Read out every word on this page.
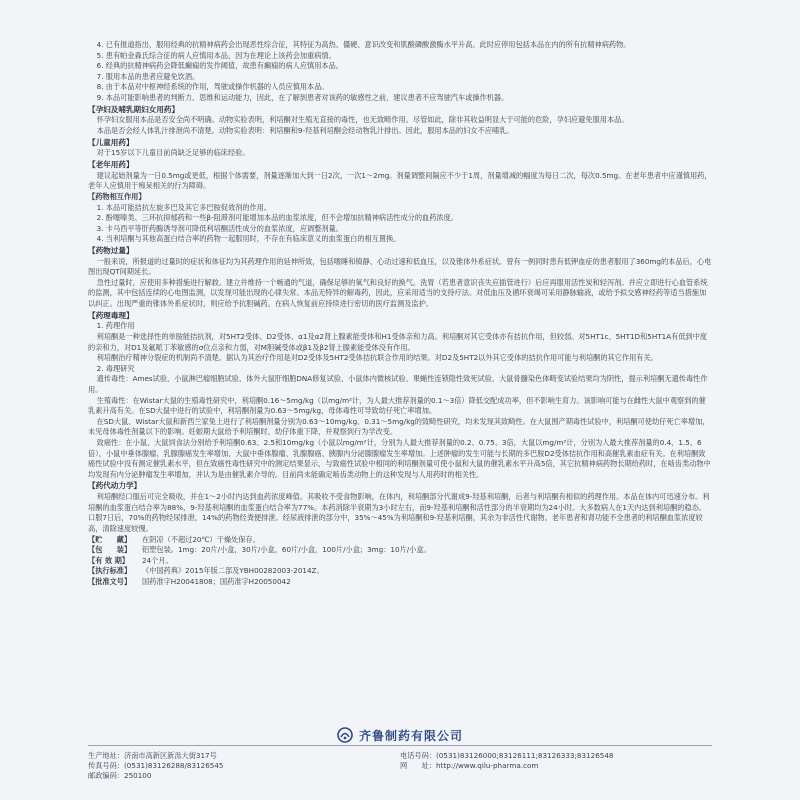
4. 已有报道指出，服用经典的抗精神病药会出现恶性综合征，其特征为高热、僵硬、意识改变和肌酸磷酸激酶水平升高。此时应停用包括本品在内的所有抗精神病药物。

5. 患有帕金森氏综合征的病人应慎用本品，因为在理论上该药会加重病情。

6. 经典的抗精神病药会降低癫痫的发作阈值，故患有癫痫的病人应慎用本品。

7. 服用本品的患者应避免饮酒。

8. 由于本品对中枢神经系统的作用，驾驶或操作机器的人员应慎用本品。

9. 本品可能影响患者的判断力、思维和运动能力，因此，在了解到患者对该药的敏感性之前，建议患者不应驾驶汽车或操作机器。

【孕妇及哺乳期妇女用药】

怀孕妇女服用本品是否安全尚不明确。动物实验表明，利培酮对生殖无直接的毒性，也无致畸作用。尽管如此，除非其收益明显大于可能的危险，孕妇应避免服用本品。

本品是否会经人体乳汁排泄尚不清楚。动物实验表明：利培酮和9-羟基利培酮会经动物乳汁排出。因此，服用本品的妇女不应哺乳。

【儿童用药】

对于15岁以下儿童目前尚缺乏足够的临床经验。

【老年用药】

建议起始剂量为一日0.5mg或更低，根据个体需要，剂量逐渐加大到一日2次，一次1～2mg。剂量调整间隔应不少于1周，剂量增减的幅度为每日二次，每次0.5mg。在老年患者中应谨慎用药，老年人应慎用于痴呆相关的行为障碍。

【药物相互作用】

1. 本品可能拮抗左旋多巴及其它多巴胺促效剂的作用。

2. 酚噻嗪类、三环抗抑郁药和一些β-阻滞剂可能增加本品的血浆浓度，但不会增加抗精神病活性成分的血药浓度。

3. 卡马西平等肝药酶诱导剂可降低利培酮活性成分的血浆浓度，应调整剂量。

4. 当利培酮与其他高蛋白结合率的药物一起服用时，不存在有临床意义的血浆蛋白的相互置换。

【药物过量】

一般来说，所报道的过量时的症状和体征均为其药理作用的延伸所致，包括嗜睡和镇静、心动过速和低血压，以及锥体外系症状。曾有一例同时患有低钾血症的患者服用了360mg的本品后，心电图出现QT间期延长。

急性过量时，应使用多种措施进行解救。建立并维持一个畅通的气道，确保足够的氧气和良好的换气。洗胃（若患者意识丧失应插管进行）后应再服用活性炭和轻泻剂。并应立即进行心血管系统的监测，其中包括连续的心电图监测，以发现可能出现的心律失常。本品无特异的解毒药，因此，应采用适当的支持疗法。对低血压及循环衰竭可采用静脉输液，或给予拟交感神经药等适当措施加以纠正。出现严重的锥体外系症状时，则应给予抗胆碱药。在病人恢复前应持续进行密切的医疗监测及监护。

【药理毒理】

1. 药理作用

利培酮是一种选择性的单胺能拮抗剂，对5HT2受体、D2受体、α1及α2肾上腺素能受体和H1受体亲和力高。利培酮对其它受体亦有拮抗作用，但较弱。对5HT1c、5HT1D和5HT1A有低到中度的亲和力，对D1及氟哌丁苯敏感的σ位点亲和力弱，对M胆碱受体或β1及β2肾上腺素能受体没有作用。

利培酮治疗精神分裂症的机制尚不清楚。据认为其治疗作用是对D2受体及5HT2受体拮抗联合作用的结果。对D2及5HT2以外其它受体的拮抗作用可能与利培酮的其它作用有关。

2. 毒理研究

遗传毒性：Ames试验、小鼠淋巴瘤细胞试验、体外大鼠肝细胞DNA修复试验、小鼠体内微核试验、果蝇性连锁隐性致死试验、大鼠骨髓染色体畸变试验结果均为阴性，提示利培酮无遗传毒性作用。

生殖毒性：在Wistar大鼠的生殖毒性研究中，利培酮0.16～5mg/kg（以mg/m²计，为人最大推荐剂量的0.1～3倍）降低交配成功率，但不影响生育力。该影响可能与在雌性大鼠中观察到的催乳素升高有关。在SD大鼠中进行的试验中，利培酮剂量为0.63～5mg/kg，母体毒性可导致幼仔死亡率增加。

在SD大鼠、Wistar大鼠和新西兰家兔上进行了利培酮剂量分别为0.63～10mg/kg、0.31～5mg/kg的致畸性研究，均未发现其致畸性。在大鼠围产期毒性试验中，利培酮可使幼仔死亡率增加，未见母体毒性剂量以下的影响。妊娠期大鼠给予利培酮时，幼仔体重下降，并观察到行为学改变。

致癌性：在小鼠、大鼠饲食法分别给予利培酮0.63、2.5和10mg/kg（小鼠以mg/m²计，分别为人最大推荐剂量的0.2、0.75、3倍，大鼠以mg/m²计，分别为人最大推荐剂量的0.4、1.5、6倍），小鼠中垂体腺瘤、乳腺腺癌发生率增加，大鼠中垂体腺瘤、乳腺腺癌、胰腺内分泌腺腺瘤发生率增加。上述肿瘤的发生可能与长期的多巴胺D2受体拮抗作用和高催乳素血症有关。在利培酮致癌性试验中没有测定催乳素水平，但在致癌性毒性研究中的测定结果显示，与致癌性试验中相同的利培酮剂量可使小鼠和大鼠的催乳素水平升高5倍，其它抗精神病药物长期给药时，在啮齿类动物中均发现有内分泌肿瘤发生率增加，并认为是由催乳素介导的。目前尚未能确定啮齿类动物上的这种发现与人用药时的相关性。

【药代动力学】

利培酮经口服后可完全吸收，并在1～2小时内达到血药浓度峰值。其吸收不受食物影响，在体内，利培酮部分代谢成9-羟基利培酮，后者与利培酮有相似的药理作用。本品在体内可迅速分布。利培酮的血浆蛋白结合率为88%，9-羟基利培酮的血浆蛋白结合率为77%。本药消除半衰期为3小时左右，而9-羟基利培酮和活性部分的半衰期均为24小时。大多数病人在1天内达到利培酮的稳态。口服7日后，70%的药物经尿排泄，14%的药物经粪便排泄。经尿液排泄的部分中，35%～45%为利培酮和9-羟基利培酮，其余为非活性代谢物。老年患者和肾功能不全患者的利培酮血浆浓度较高，清除速度较慢。

【贮　　藏】 在阴凉（不超过20℃）干燥处保存。

【包　　装】 铝塑包装。1mg：20片/小盒，30片/小盒，60片/小盒，100片/小盒；3mg：10片/小盒。

【有 效 期】 24个月。

【执行标准】 《中国药典》2015年版二部及YBH00282003-2014Z。

【批准文号】 国药准字H20041808；国药准字H20050042

齐鲁制药有限公司
生产地址：济南市高新区新泺大街317号	电话号码：(0531)83126000;83126111;83126333;83126548
传真号码：(0531)83126288/83126545	网　　址：http://www.qilu-pharma.com
邮政编码：250100
